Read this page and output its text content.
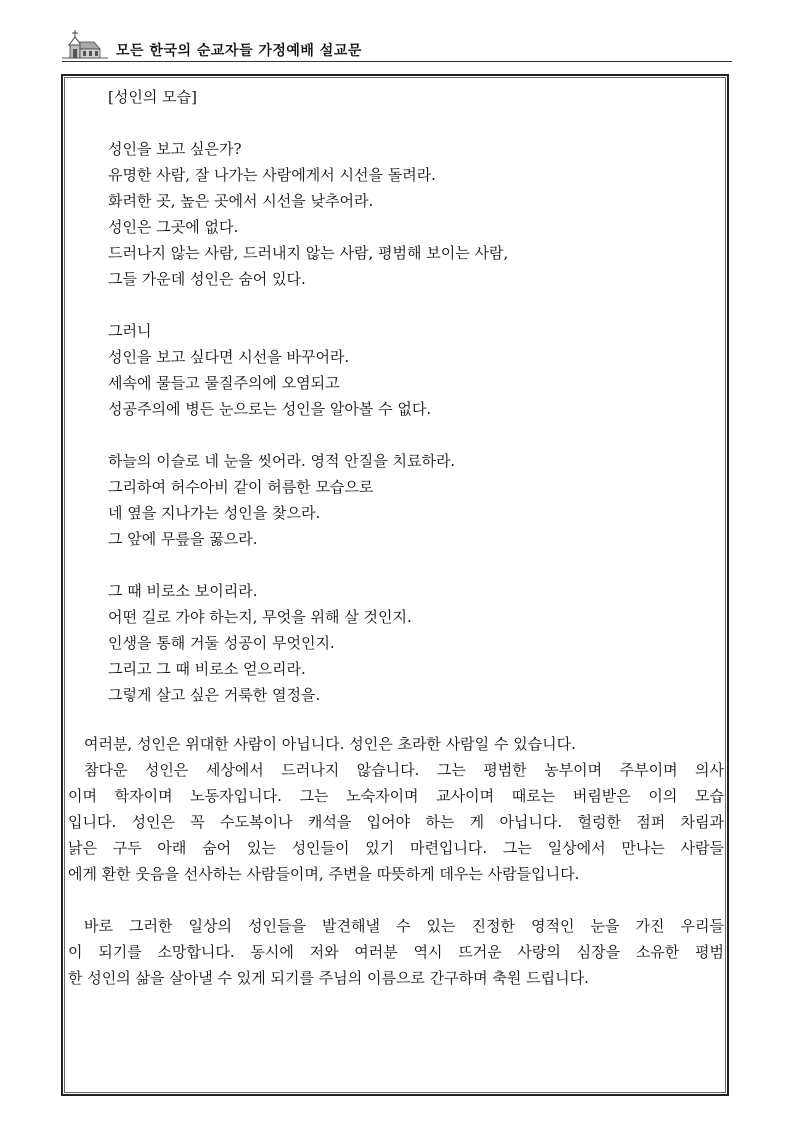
모든 한국의 순교자들 가정예배 설교문
[성인의 모습]
성인을 보고 싶은가?
유명한 사람, 잘 나가는 사람에게서 시선을 돌려라.
화려한 곳, 높은 곳에서 시선을 낮추어라.
성인은 그곳에 없다.
드러나지 않는 사람, 드러내지 않는 사람, 평범해 보이는 사람,
그들 가운데 성인은 숨어 있다.
그러니
성인을 보고 싶다면 시선을 바꾸어라.
세속에 물들고 물질주의에 오염되고
성공주의에 병든 눈으로는 성인을 알아볼 수 없다.
하늘의 이슬로 네 눈을 씻어라. 영적 안질을 치료하라.
그리하여 허수아비 같이 허름한 모습으로
네 옆을 지나가는 성인을 찾으라.
그 앞에 무릎을 꿇으라.
그 때 비로소 보이리라.
어떤 길로 가야 하는지, 무엇을 위해 살 것인지.
인생을 통해 거둘 성공이 무엇인지.
그리고 그 때 비로소 얻으리라.
그렇게 살고 싶은 거룩한 열정을.
여러분, 성인은 위대한 사람이 아닙니다. 성인은 초라한 사람일 수 있습니다.
참다운 성인은 세상에서 드러나지 않습니다. 그는 평범한 농부이며 주부이며 의사
이며 학자이며 노동자입니다. 그는 노숙자이며 교사이며 때로는 버림받은 이의 모습
입니다. 성인은 꼭 수도복이나 캐석을 입어야 하는 게 아닙니다. 헐렁한 점퍼 차림과
낡은 구두 아래 숨어 있는 성인들이 있기 마련입니다. 그는 일상에서 만나는 사람들
에게 환한 웃음을 선사하는 사람들이며, 주변을 따뜻하게 데우는 사람들입니다.
바로 그러한 일상의 성인들을 발견해낼 수 있는 진정한 영적인 눈을 가진 우리들
이 되기를 소망합니다. 동시에 저와 여러분 역시 뜨거운 사랑의 심장을 소유한 평범
한 성인의 삶을 살아낼 수 있게 되기를 주님의 이름으로 간구하며 축원 드립니다.
